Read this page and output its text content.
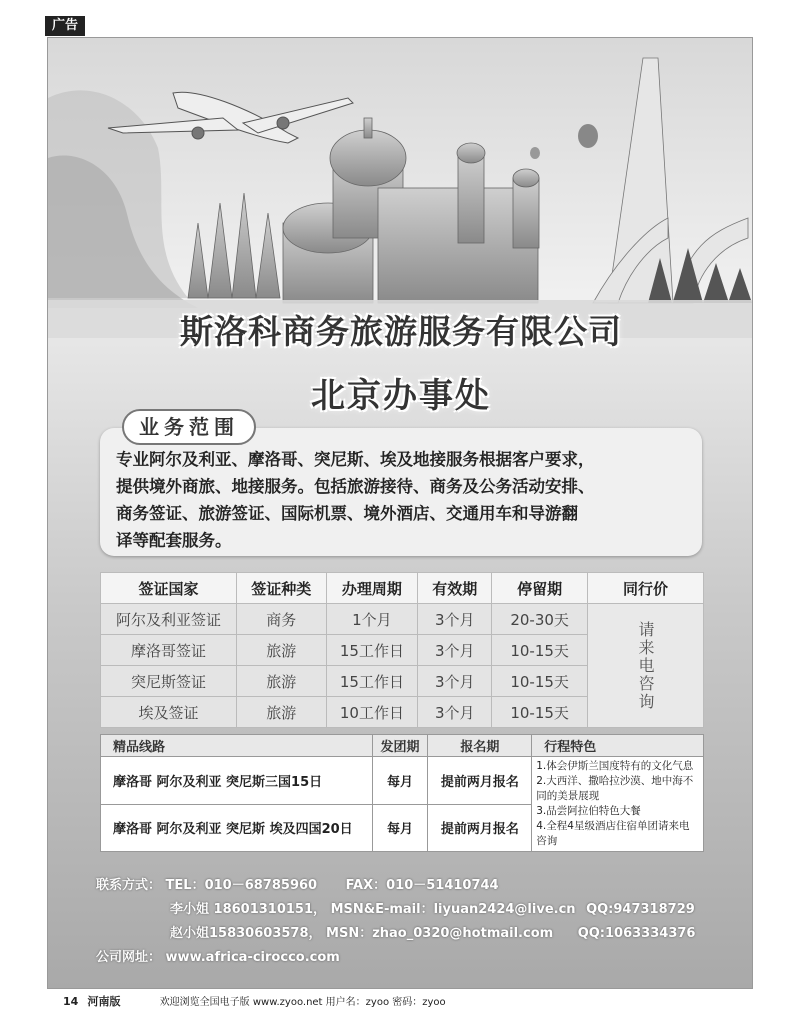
广告
斯洛科商务旅游服务有限公司
北京办事处
业务范围
专业阿尔及利亚、摩洛哥、突尼斯、埃及地接服务根据客户要求，
提供境外商旅、地接服务。包括旅游接待、商务及公务活动安排、
商务签证、旅游签证、国际机票、境外酒店、交通用车和导游翻
译等配套服务。
签证国家	签证种类	办理周期	有效期	停留期	同行价
阿尔及利亚签证	商务	1个月	3个月	20-30天	请来电咨询
摩洛哥签证	旅游	15工作日	3个月	10-15天	
突尼斯签证	旅游	15工作日	3个月	10-15天	
埃及签证	旅游	10工作日	3个月	10-15天	
精品线路	发团期	报名期	行程特色
摩洛哥 阿尔及利亚 突尼斯三国15日	每月	提前两月报名	1.体会伊斯兰国度特有的文化气息
2.大西洋、撒哈拉沙漠、地中海不同的美景展现
3.品尝阿拉伯特色大餐
4.全程4星级酒店住宿单团请来电咨询

摩洛哥 阿尔及利亚 突尼斯 埃及四国20日	每月	提前两月报名	
联系方式： TEL：010－68785960 FAX：010－51410744
李小姐 18601310151， MSN&E-mail：liyuan2424@live.cn QQ:947318729
赵小姐15830603578， MSN：zhao_0320@hotmail.com QQ:1063334376
公司网址： www.africa-cirocco.com
14 河南版	欢迎浏览全国电子版 www.zyoo.net 用户名：zyoo 密码：zyoo
